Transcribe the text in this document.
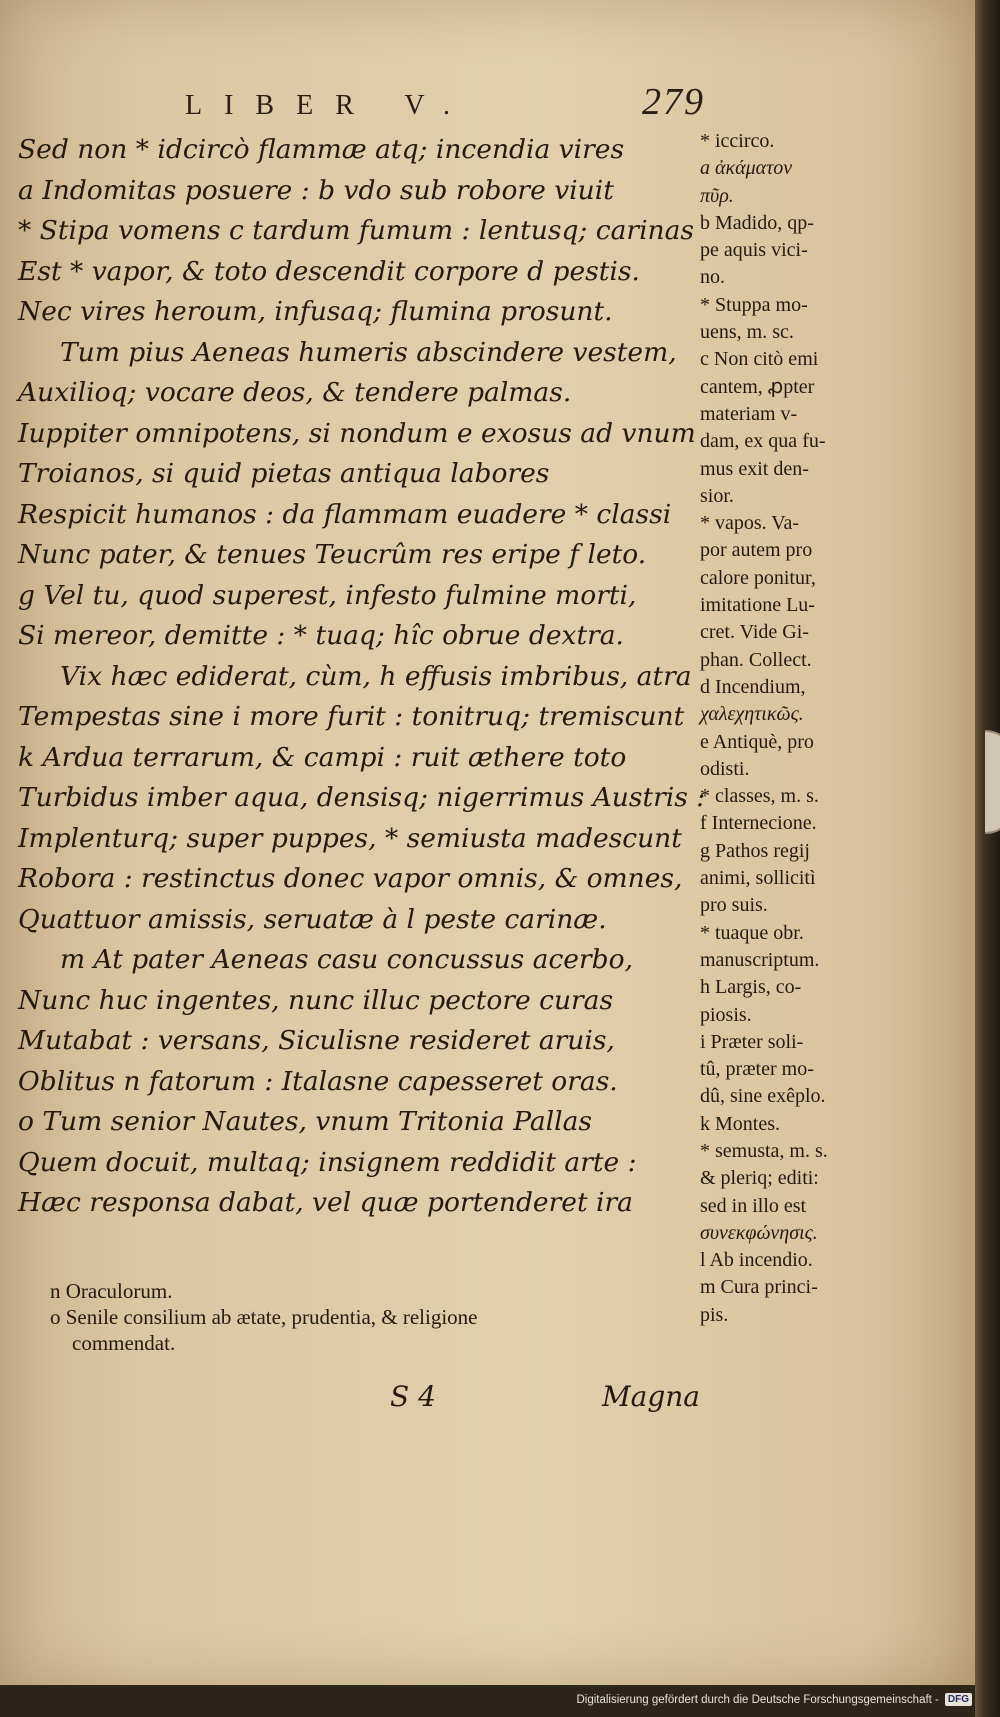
LIBER V.	279
Sed non * idcircò flammæ atq; incendia vires
a Indomitas posuere : b vdo sub robore viuit
* Stipa vomens c tardum fumum : lentusq; carinas
Est * vapor, & toto descendit corpore d pestis.
Nec vires heroum, infusaq; flumina prosunt.
Tum pius Aeneas humeris abscindere vestem,
Auxilioq; vocare deos, & tendere palmas.
Iuppiter omnipotens, si nondum e exosus ad vnum
Troianos, si quid pietas antiqua labores
Respicit humanos : da flammam euadere * classi
Nunc pater, & tenues Teucrûm res eripe f leto.
g Vel tu, quod superest, infesto fulmine morti,
Si mereor, demitte : * tuaq; hîc obrue dextra.
Vix hæc ediderat, cùm, h effusis imbribus, atra
Tempestas sine i more furit : tonitruq; tremiscunt
k Ardua terrarum, & campi : ruit æthere toto
Turbidus imber aqua, densisq; nigerrimus Austris :
Implenturq; super puppes, * semiusta madescunt
Robora : restinctus donec vapor omnis, & omnes,
Quattuor amissis, seruatæ à l peste carinæ.
m At pater Aeneas casu concussus acerbo,
Nunc huc ingentes, nunc illuc pectore curas
Mutabat : versans, Siculisne resideret aruis,
Oblitus n fatorum : Italasne capesseret oras.
o Tum senior Nautes, vnum Tritonia Pallas
Quem docuit, multaq; insignem reddidit arte :
Hæc responsa dabat, vel quæ portenderet ira
n Oraculorum.
o Senile consilium ab ætate, prudentia, & religione
commendat.
S 4	Magna
* iccirco.
a ἀκάματον
πῦρ.
b Madido, qp-
pe aquis vici-
no.
* Stuppa mo-
uens, m. sc.
c Non citò emi
cantem, ꝓpter
materiam v-
dam, ex qua fu-
mus exit den-
sior.
* vapos. Va-
por autem pro
calore ponitur,
imitatione Lu-
cret. Vide Gi-
phan. Collect.
d Incendium,
χαλεχητικῶς.
e Antiquè, pro
odisti.
* classes, m. s.
f Internecione.
g Pathos regij
animi, sollicitì
pro suis.
* tuaque obr.
manuscriptum.
h Largis, co-
piosis.
i Præter soli-
tû, præter mo-
dû, sine exêplo.
k Montes.
* semusta, m. s.
& pleriq; editi:
sed in illo est
συνεκφώνησις.
l Ab incendio.
m Cura princi-
pis.
Digitalisierung gefördert durch die Deutsche Forschungsgemeinschaft - DFG
